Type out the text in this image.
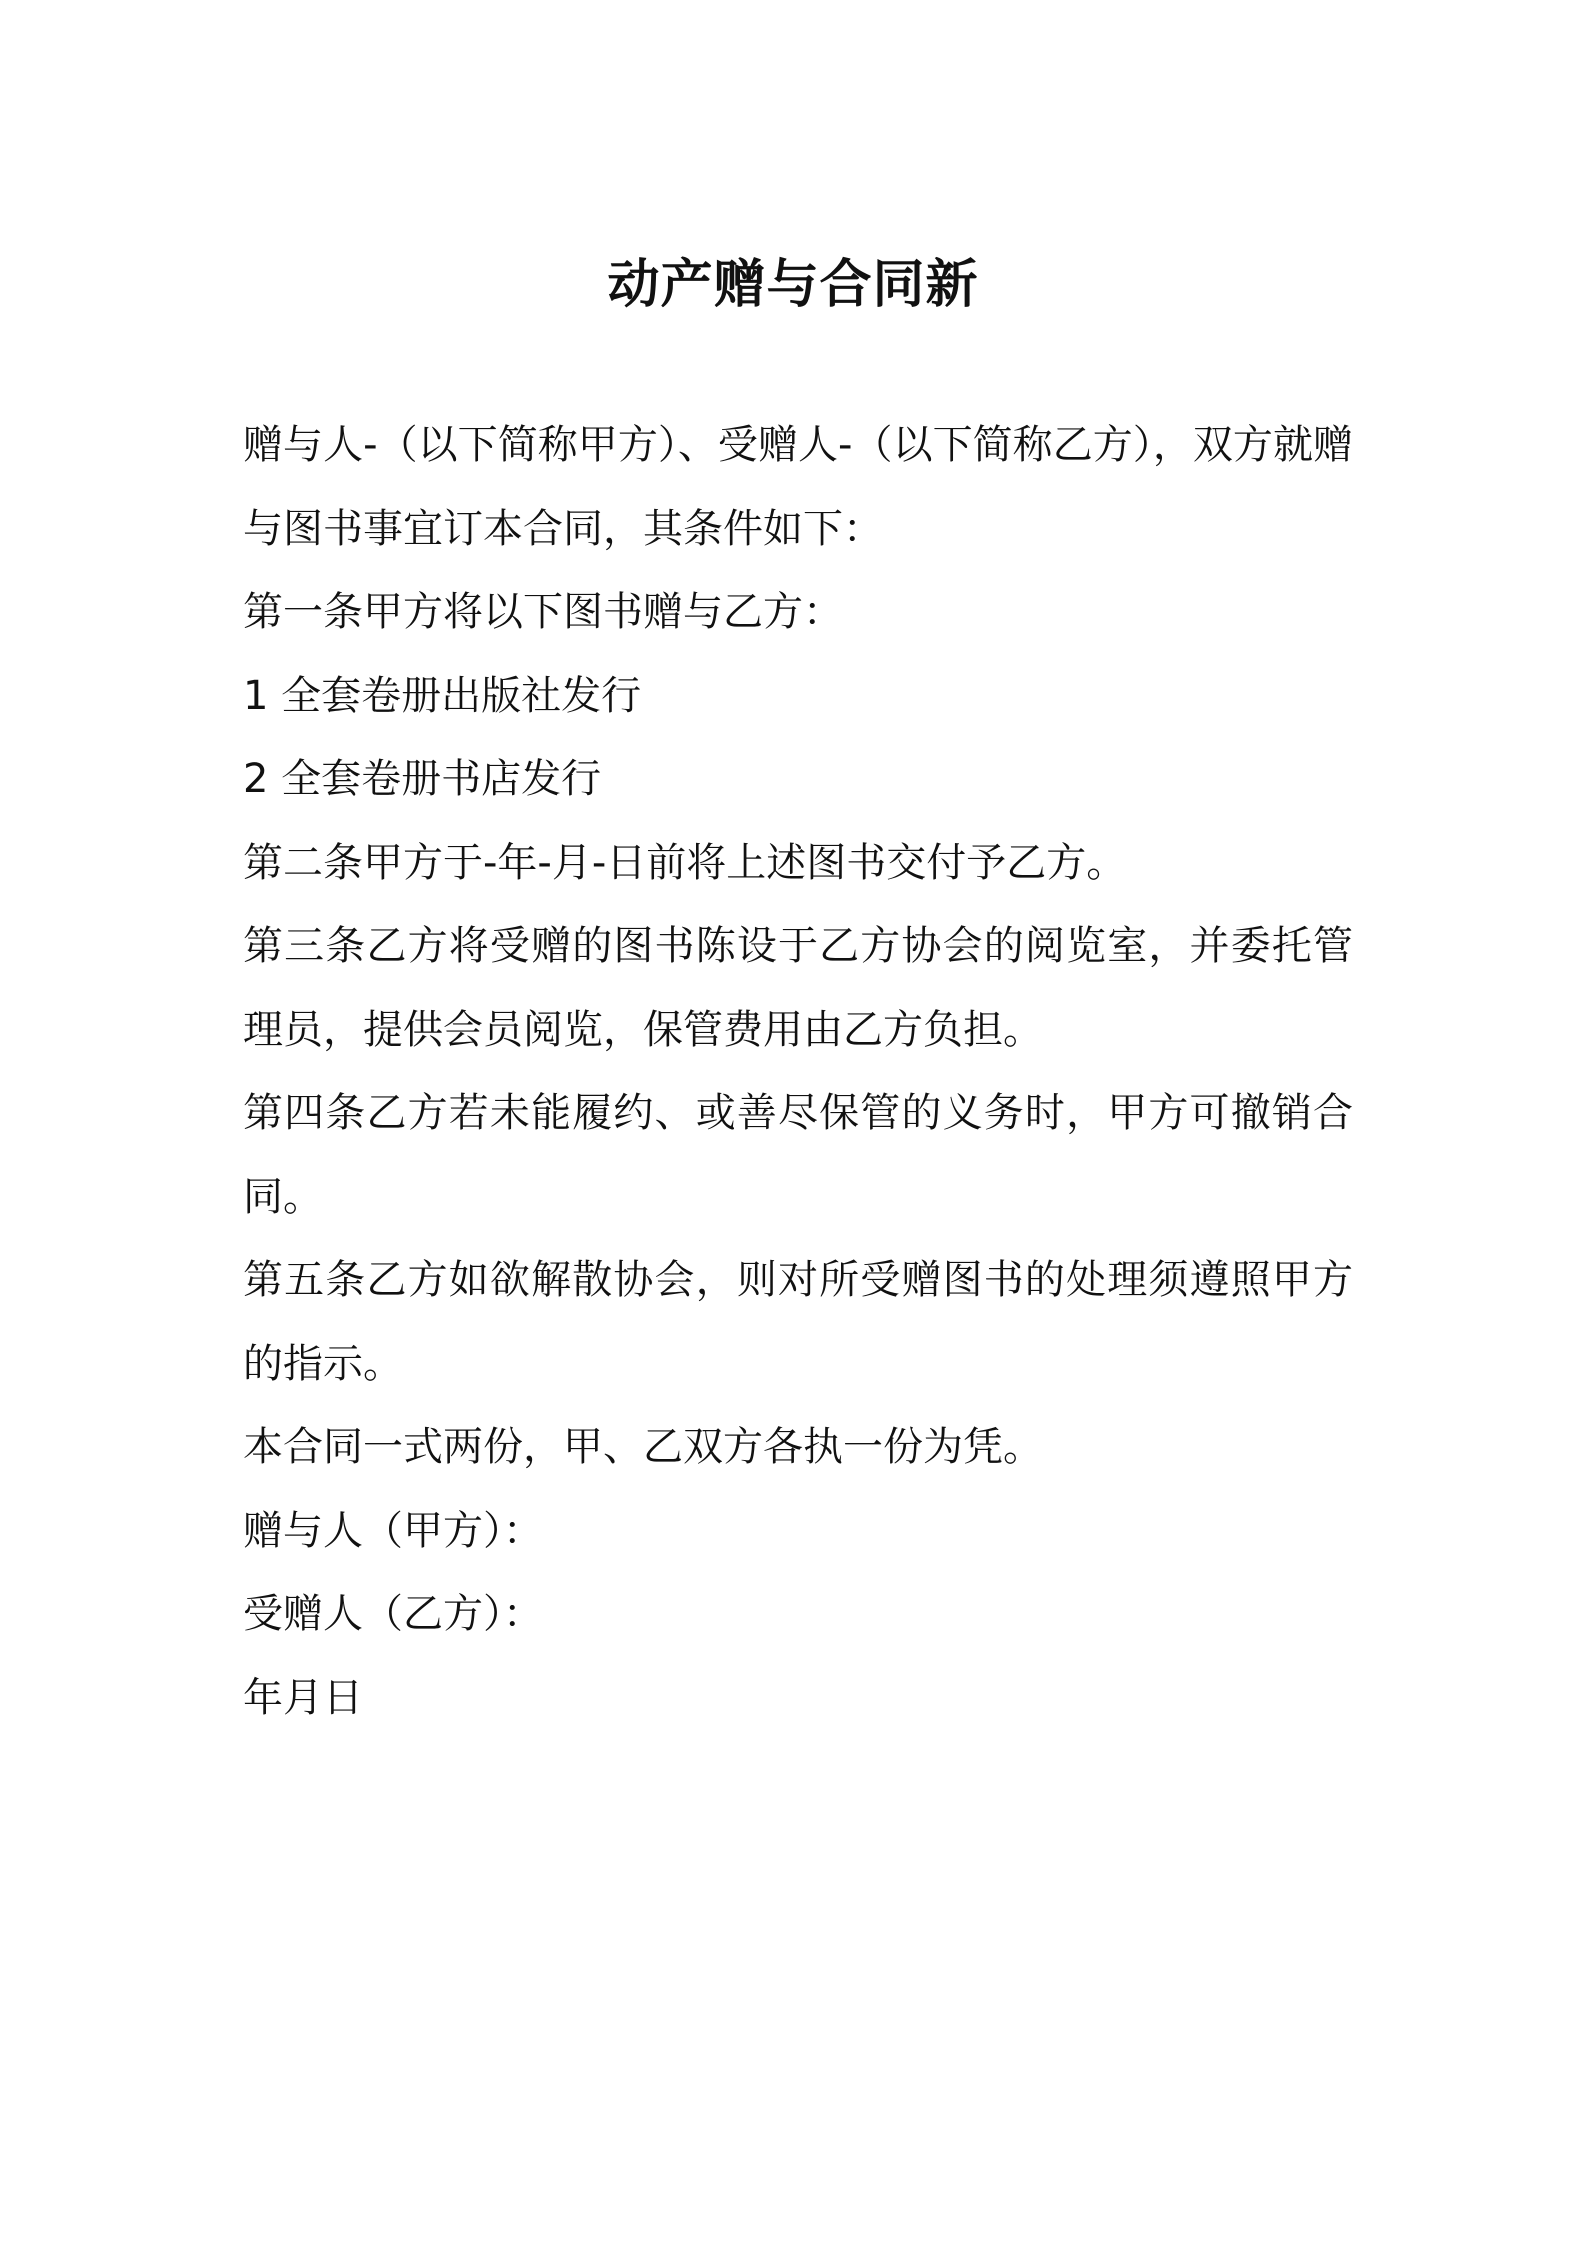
动产赠与合同新

赠与人-（以下简称甲方）、受赠人-（以下简称乙方），双方就赠与图书事宜订本合同，其条件如下：

第一条甲方将以下图书赠与乙方：

1 全套卷册出版社发行

2 全套卷册书店发行

第二条甲方于-年-月-日前将上述图书交付予乙方。

第三条乙方将受赠的图书陈设于乙方协会的阅览室，并委托管理员，提供会员阅览，保管费用由乙方负担。

第四条乙方若未能履约、或善尽保管的义务时，甲方可撤销合同。

第五条乙方如欲解散协会，则对所受赠图书的处理须遵照甲方的指示。

本合同一式两份，甲、乙双方各执一份为凭。

赠与人（甲方）：

受赠人（乙方）：

年月日
